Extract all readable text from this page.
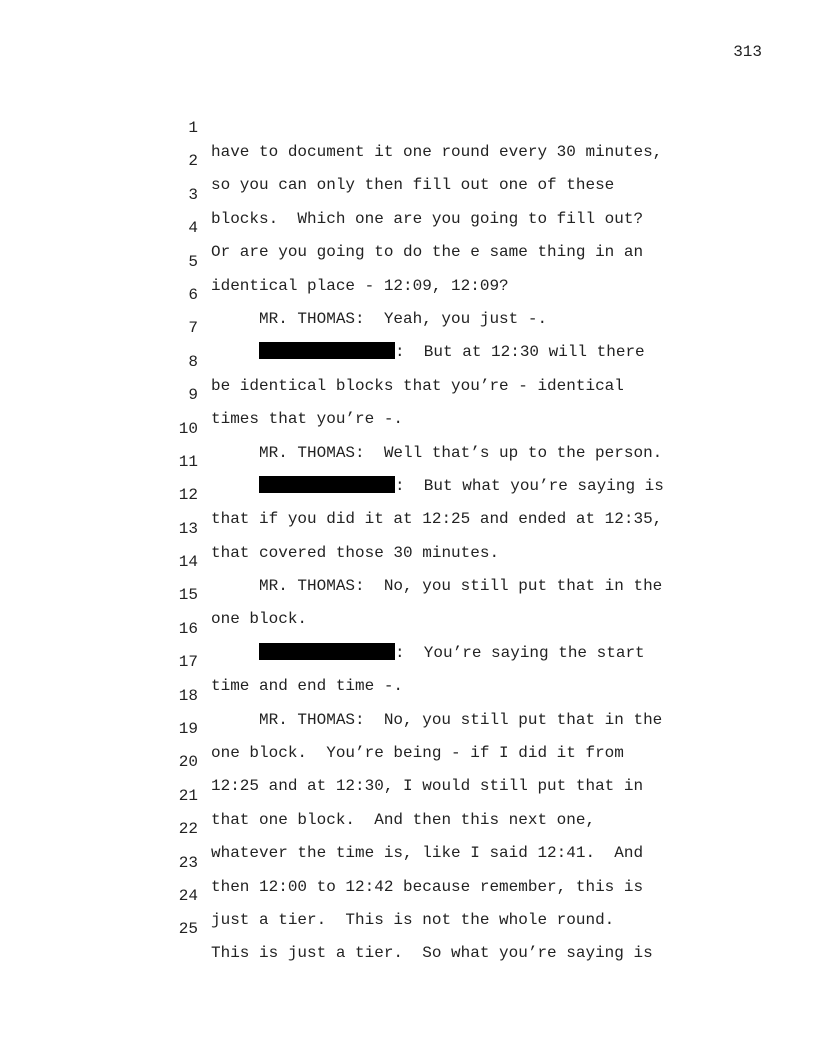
313

1

have to document it one round every 30 minutes,

2

so you can only then fill out one of these

3

blocks.  Which one are you going to fill out?

4

Or are you going to do the e same thing in an

5

identical place - 12:09, 12:09?

6

MR. THOMAS:  Yeah, you just -.

7

:  But at 12:30 will there

8

be identical blocks that you’re - identical

9

times that you’re -.

10

MR. THOMAS:  Well that’s up to the person.

11

:  But what you’re saying is

12

that if you did it at 12:25 and ended at 12:35,

13

that covered those 30 minutes.

14

MR. THOMAS:  No, you still put that in the

15

one block.

16

:  You’re saying the start

17

time and end time -.

18

MR. THOMAS:  No, you still put that in the

19

one block.  You’re being - if I did it from

20

12:25 and at 12:30, I would still put that in

21

that one block.  And then this next one,

22

whatever the time is, like I said 12:41.  And

23

then 12:00 to 12:42 because remember, this is

24

just a tier.  This is not the whole round.

25

This is just a tier.  So what you’re saying is
